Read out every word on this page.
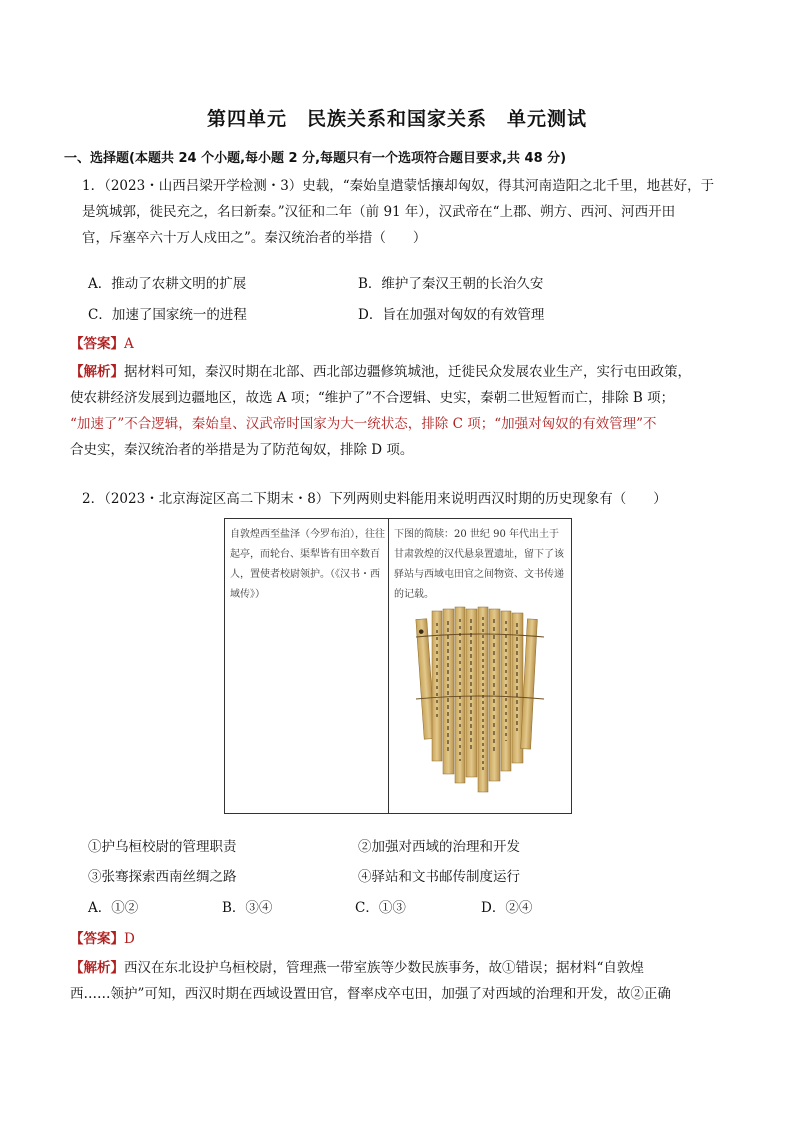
第四单元　民族关系和国家关系　单元测试
一、选择题(本题共 24 个小题,每小题 2 分,每题只有一个选项符合题目要求,共 48 分)
1．（2023・山西吕梁开学检测・3）史载，“秦始皇遣蒙恬攘却匈奴，得其河南造阳之北千里，地甚好，于
是筑城郭，徙民充之，名曰新秦。”汉征和二年（前 91 年），汉武帝在“上郡、朔方、西河、河西开田
官，斥塞卒六十万人戍田之”。秦汉统治者的举措（　　）
A．推动了农耕文明的扩展	B．维护了秦汉王朝的长治久安
C．加速了国家统一的进程	D．旨在加强对匈奴的有效管理
【答案】A
【解析】据材料可知，秦汉时期在北部、西北部边疆修筑城池，迁徙民众发展农业生产，实行屯田政策，
使农耕经济发展到边疆地区，故选 A 项；“维护了”不合逻辑、史实，秦朝二世短暂而亡，排除 B 项；
“加速了”不合逻辑，秦始皇、汉武帝时国家为大一统状态，排除 C 项；“加强对匈奴的有效管理”不
合史实，秦汉统治者的举措是为了防范匈奴，排除 D 项。
2．（2023・北京海淀区高二下期末・8）下列两则史料能用来说明西汉时期的历史现象有（　　）
自敦煌西至盐泽（今罗布泊），往往起亭，而轮台、渠犁皆有田卒数百人，置使者校尉领护。（《汉书・西域传》）
下图的简牍：20 世纪 90 年代出土于甘肃敦煌的汉代悬泉置遗址，留下了该驿站与西域屯田官之间物资、文书传递的记载。
●
①护乌桓校尉的管理职责	②加强对西域的治理和开发
③张骞探索西南丝绸之路	④驿站和文书邮传制度运行
A．①②	B．③④	C．①③	D．②④
【答案】D
【解析】西汉在东北设护乌桓校尉，管理燕一带室族等少数民族事务，故①错误；据材料“自敦煌
西……领护”可知，西汉时期在西域设置田官，督率戍卒屯田，加强了对西域的治理和开发，故②正确
